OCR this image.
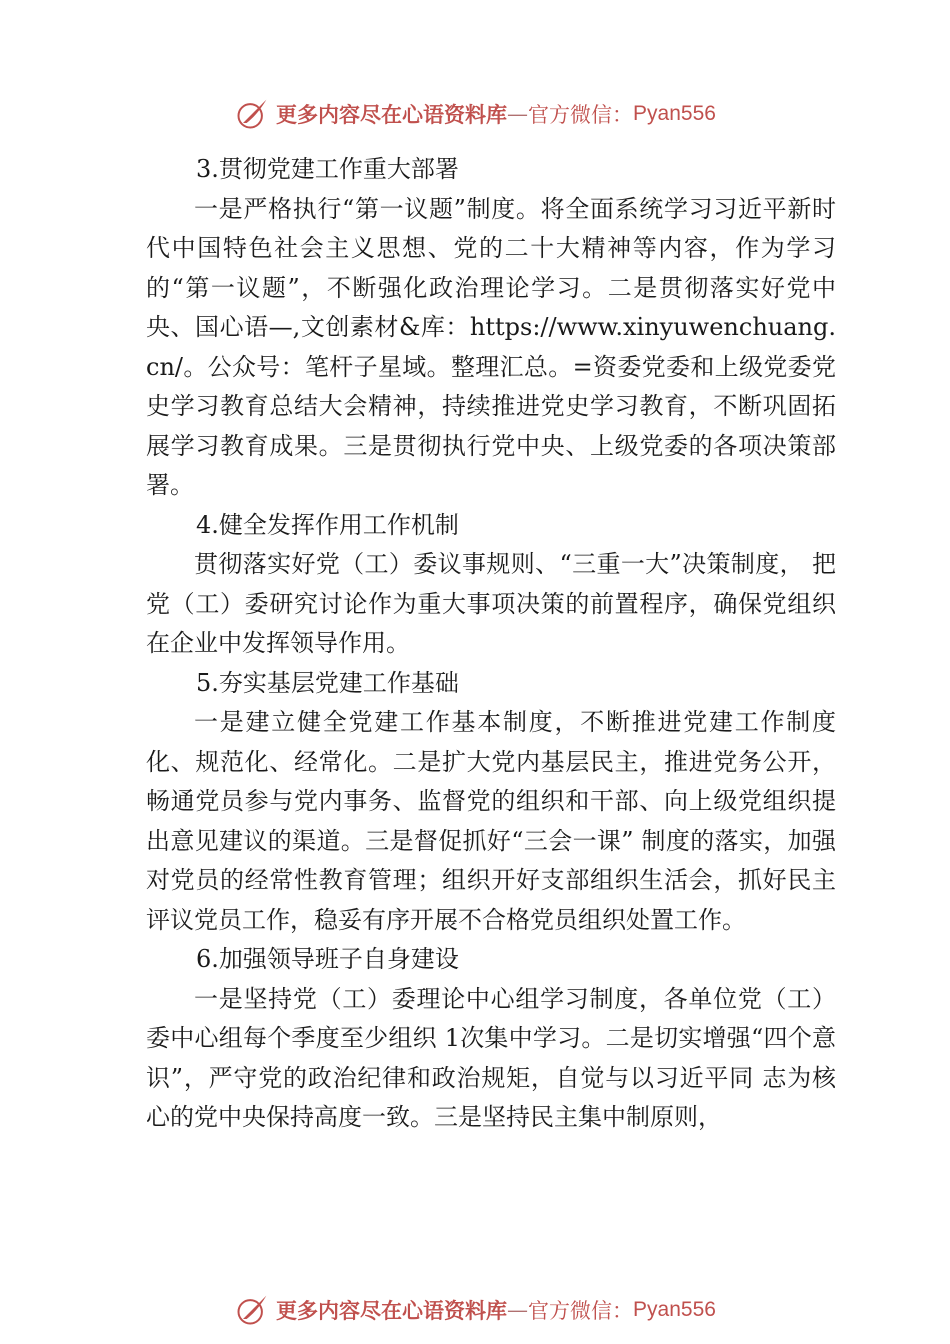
更多内容尽在心语资料库 — 官方微信： Pyan556

3.贯彻党建工作重大部署

一是严格执行“第一议题”制度。将全面系统学习习近平新时代中国特色社会主义思想、党的二十大精神等内容，作为学习的“第一议题”，不断强化政治理论学习。二是贯彻落实好党中央、国心语—,文创素材&库：https://www.xinyuwenchuang.cn/。公众号：笔杆子星域。整理汇总。=资委党委和上级党委党史学习教育总结大会精神，持续推进党史学习教育，不断巩固拓展学习教育成果。三是贯彻执行党中央、上级党委的各项决策部署。

4.健全发挥作用工作机制

贯彻落实好党（工）委议事规则、“三重一大”决策制度， 把党（工）委研究讨论作为重大事项决策的前置程序，确保党组织在企业中发挥领导作用。

5.夯实基层党建工作基础

一是建立健全党建工作基本制度，不断推进党建工作制度化、规范化、经常化。二是扩大党内基层民主，推进党务公开，畅通党员参与党内事务、监督党的组织和干部、向上级党组织提出意见建议的渠道。三是督促抓好“三会一课” 制度的落实，加强对党员的经常性教育管理；组织开好支部组织生活会，抓好民主评议党员工作，稳妥有序开展不合格党员组织处置工作。

6.加强领导班子自身建设

一是坚持党（工）委理论中心组学习制度，各单位党（工）委中心组每个季度至少组织 1次集中学习。二是切实增强“四个意识”，严守党的政治纪律和政治规矩，自觉与以习近平同 志为核心的党中央保持高度一致。三是坚持民主集中制原则，

更多内容尽在心语资料库 — 官方微信： Pyan556
